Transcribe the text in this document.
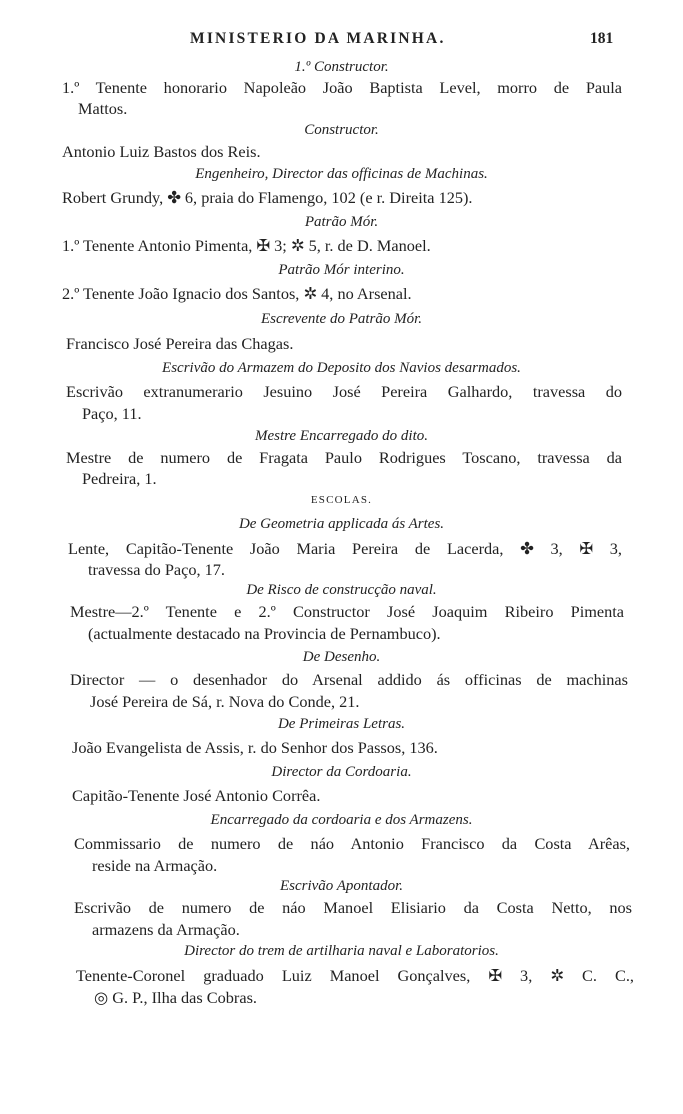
MINISTERIO DA MARINHA.	181
1.º Constructor.
1.º Tenente honorario Napoleão João Baptista Level, morro de Paula
Mattos.
Constructor.
Antonio Luiz Bastos dos Reis.
Engenheiro, Director das officinas de Machinas.
Robert Grundy, ✤ 6, praia do Flamengo, 102 (e r. Direita 125).
Patrão Mór.
1.º Tenente Antonio Pimenta, ✠ 3; ✲ 5, r. de D. Manoel.
Patrão Mór interino.
2.º Tenente João Ignacio dos Santos, ✲ 4, no Arsenal.
Escrevente do Patrão Mór.
Francisco José Pereira das Chagas.
Escrivão do Armazem do Deposito dos Navios desarmados.
Escrivão extranumerario Jesuino José Pereira Galhardo, travessa do
Paço, 11.
Mestre Encarregado do dito.
Mestre de numero de Fragata Paulo Rodrigues Toscano, travessa da
Pedreira, 1.
ESCOLAS.
De Geometria applicada ás Artes.
Lente, Capitão-Tenente João Maria Pereira de Lacerda, ✤ 3, ✠ 3,
travessa do Paço, 17.
De Risco de construcção naval.
Mestre—2.º Tenente e 2.º Constructor José Joaquim Ribeiro Pimenta
(actualmente destacado na Provincia de Pernambuco).
De Desenho.
Director — o desenhador do Arsenal addido ás officinas de machinas
José Pereira de Sá, r. Nova do Conde, 21.
De Primeiras Letras.
João Evangelista de Assis, r. do Senhor dos Passos, 136.
Director da Cordoaria.
Capitão-Tenente José Antonio Corrêa.
Encarregado da cordoaria e dos Armazens.
Commissario de numero de náo Antonio Francisco da Costa Arêas,
reside na Armação.
Escrivão Apontador.
Escrivão de numero de náo Manoel Elisiario da Costa Netto, nos
armazens da Armação.
Director do trem de artilharia naval e Laboratorios.
Tenente-Coronel graduado Luiz Manoel Gonçalves, ✠ 3, ✲ C. C.,
◎ G. P., Ilha das Cobras.
